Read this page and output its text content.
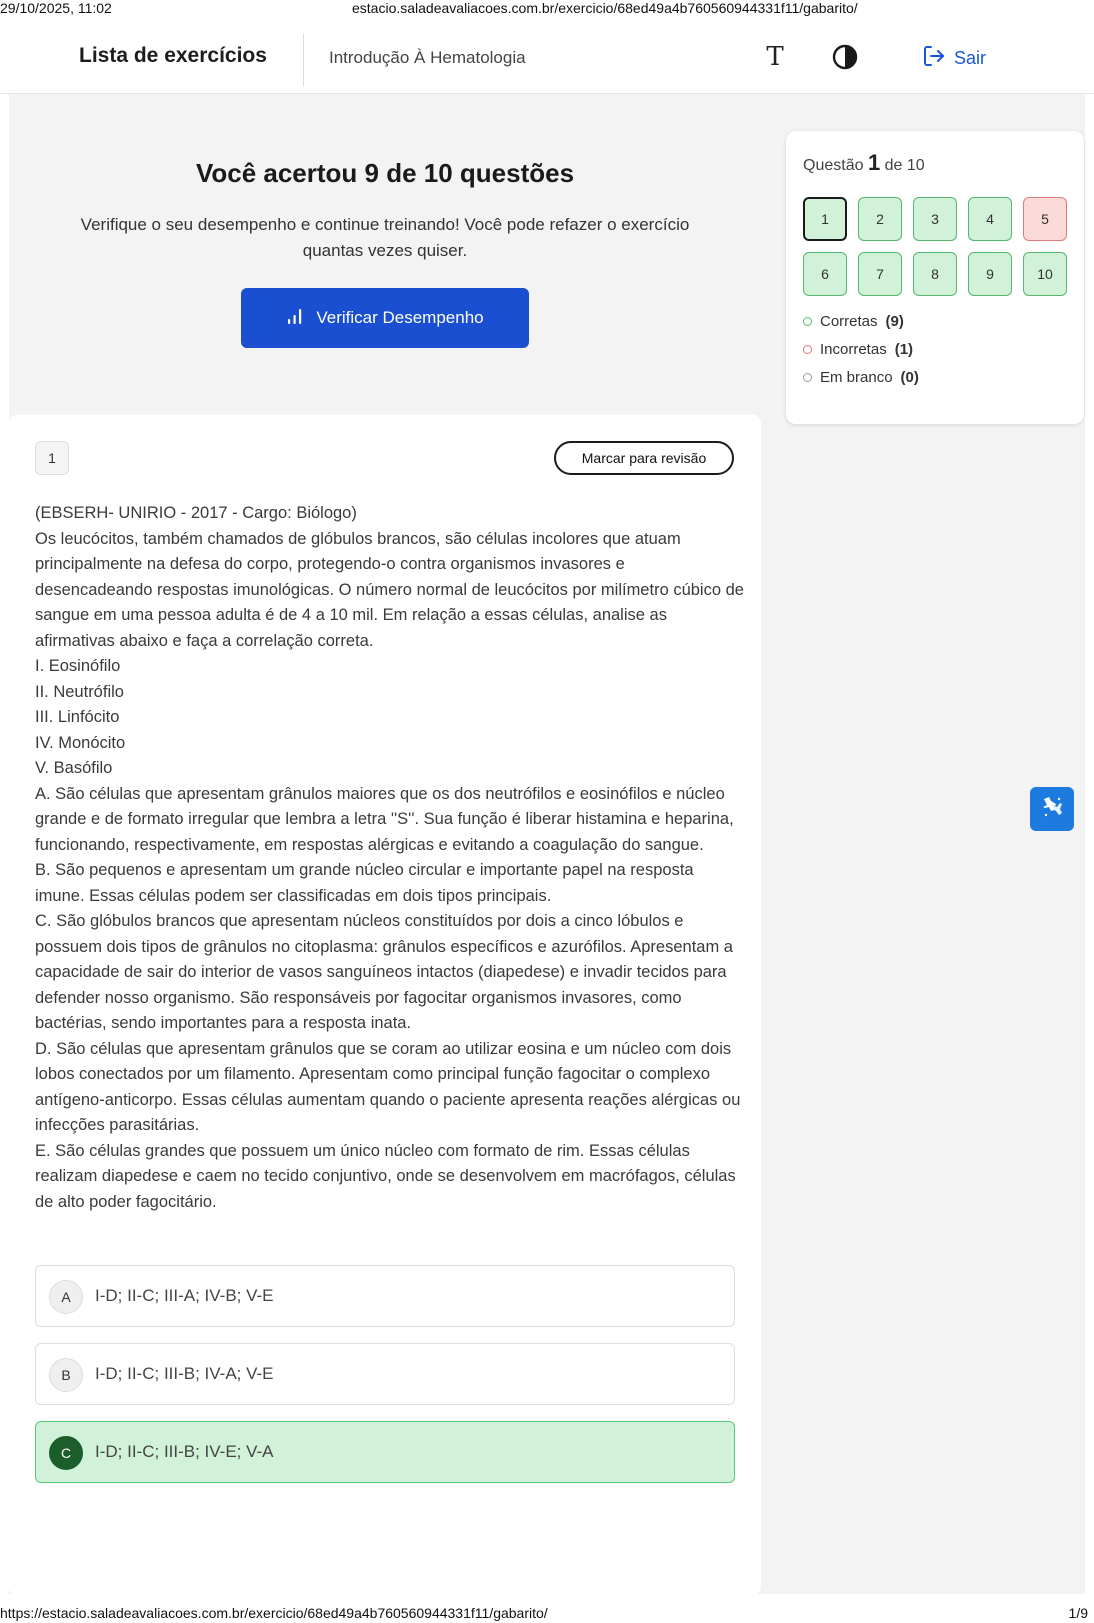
29/10/2025, 11:02	estacio.saladeavaliacoes.com.br/exercicio/68ed49a4b760560944331f11/gabarito/
Lista de exercícios	Introdução À Hematologia	T	Sair
Você acertou 9 de 10 questões
Verifique o seu desempenho e continue treinando! Você pode refazer o exercício quantas vezes quiser.
Verificar Desempenho
1	Marcar para revisão

(EBSERH- UNIRIO - 2017 - Cargo: Biólogo)

Os leucócitos, também chamados de glóbulos brancos, são células incolores que atuam principalmente na defesa do corpo, protegendo-o contra organismos invasores e desencadeando respostas imunológicas. O número normal de leucócitos por milímetro cúbico de sangue em uma pessoa adulta é de 4 a 10 mil. Em relação a essas células, analise as afirmativas abaixo e faça a correlação correta.

I. Eosinófilo

II. Neutrófilo

III. Linfócito

IV. Monócito

V. Basófilo

A. São células que apresentam grânulos maiores que os dos neutrófilos e eosinófilos e núcleo grande e de formato irregular que lembra a letra ''S''. Sua função é liberar histamina e heparina, funcionando, respectivamente, em respostas alérgicas e evitando a coagulação do sangue.

B. São pequenos e apresentam um grande núcleo circular e importante papel na resposta imune. Essas células podem ser classificadas em dois tipos principais.

C. São glóbulos brancos que apresentam núcleos constituídos por dois a cinco lóbulos e possuem dois tipos de grânulos no citoplasma: grânulos específicos e azurófilos. Apresentam a capacidade de sair do interior de vasos sanguíneos intactos (diapedese) e invadir tecidos para defender nosso organismo. São responsáveis por fagocitar organismos invasores, como bactérias, sendo importantes para a resposta inata.

D. São células que apresentam grânulos que se coram ao utilizar eosina e um núcleo com dois lobos conectados por um filamento. Apresentam como principal função fagocitar o complexo antígeno-anticorpo. Essas células aumentam quando o paciente apresenta reações alérgicas ou infecções parasitárias.

E. São células grandes que possuem um único núcleo com formato de rim. Essas células realizam diapedese e caem no tecido conjuntivo, onde se desenvolvem em macrófagos, células de alto poder fagocitário.

A	I-D; II-C; III-A; IV-B; V-E
B	I-D; II-C; III-B; IV-A; V-E
C	I-D; II-C; III-B; IV-E; V-A
Questão 1 de 10
1	2	3	4	5
6	7	8	9	10
Corretas (9)
Incorretas (1)
Em branco (0)
https://estacio.saladeavaliacoes.com.br/exercicio/68ed49a4b760560944331f11/gabarito/	1/9
